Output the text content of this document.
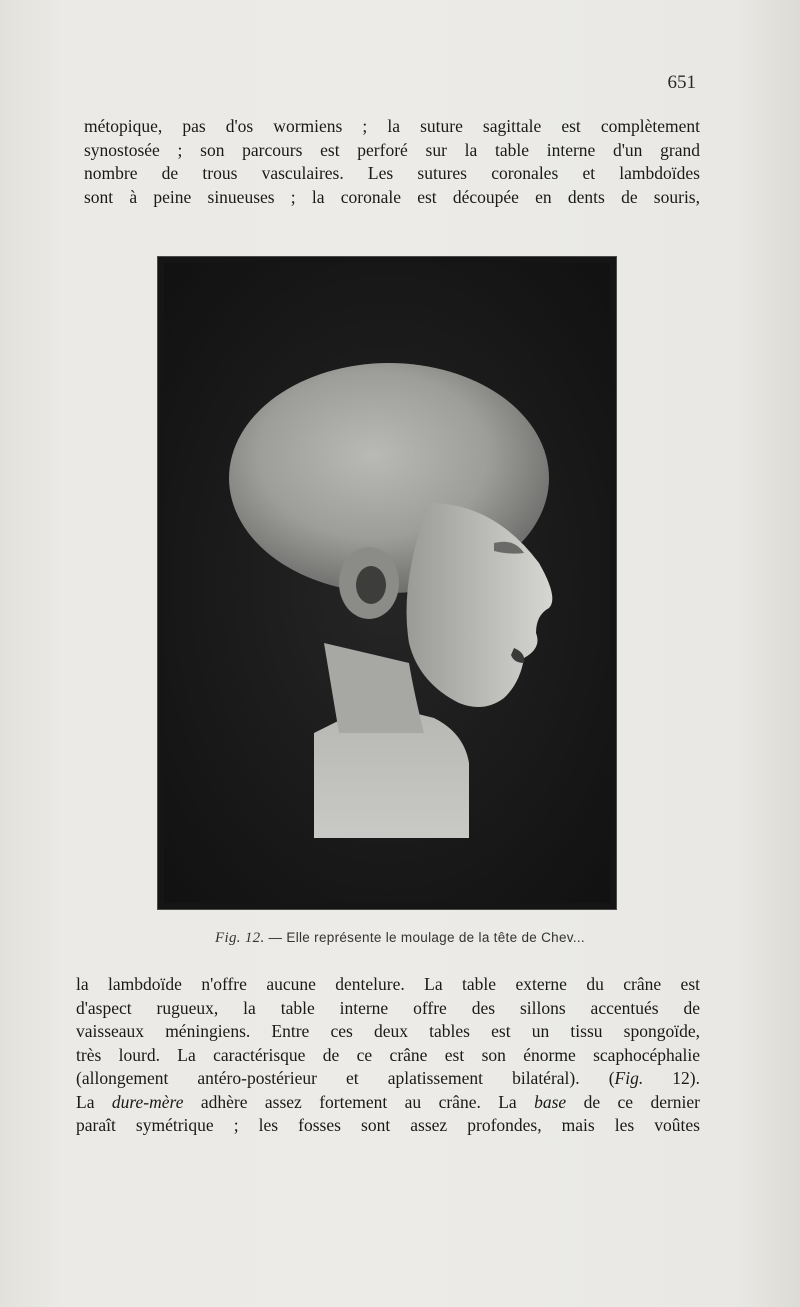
651
métopique, pas d'os wormiens ; la suture sagittale est complètement
synostosée ; son parcours est perforé sur la table interne d'un grand
nombre de trous vasculaires. Les sutures coronales et lambdoïdes
sont à peine sinueuses ; la coronale est découpée en dents de souris,
Fig. 12. — Elle représente le moulage de la tête de Chev...
la lambdoïde n'offre aucune dentelure. La table externe du crâne est
d'aspect rugueux, la table interne offre des sillons accentués de
vaisseaux méningiens. Entre ces deux tables est un tissu spongoïde,
très lourd. La caractérisque de ce crâne est son énorme scaphocéphalie
(allongement antéro-postérieur et aplatissement bilatéral). (Fig. 12).
La dure-mère adhère assez fortement au crâne. La base de ce dernier
paraît symétrique ; les fosses sont assez profondes, mais les voûtes
